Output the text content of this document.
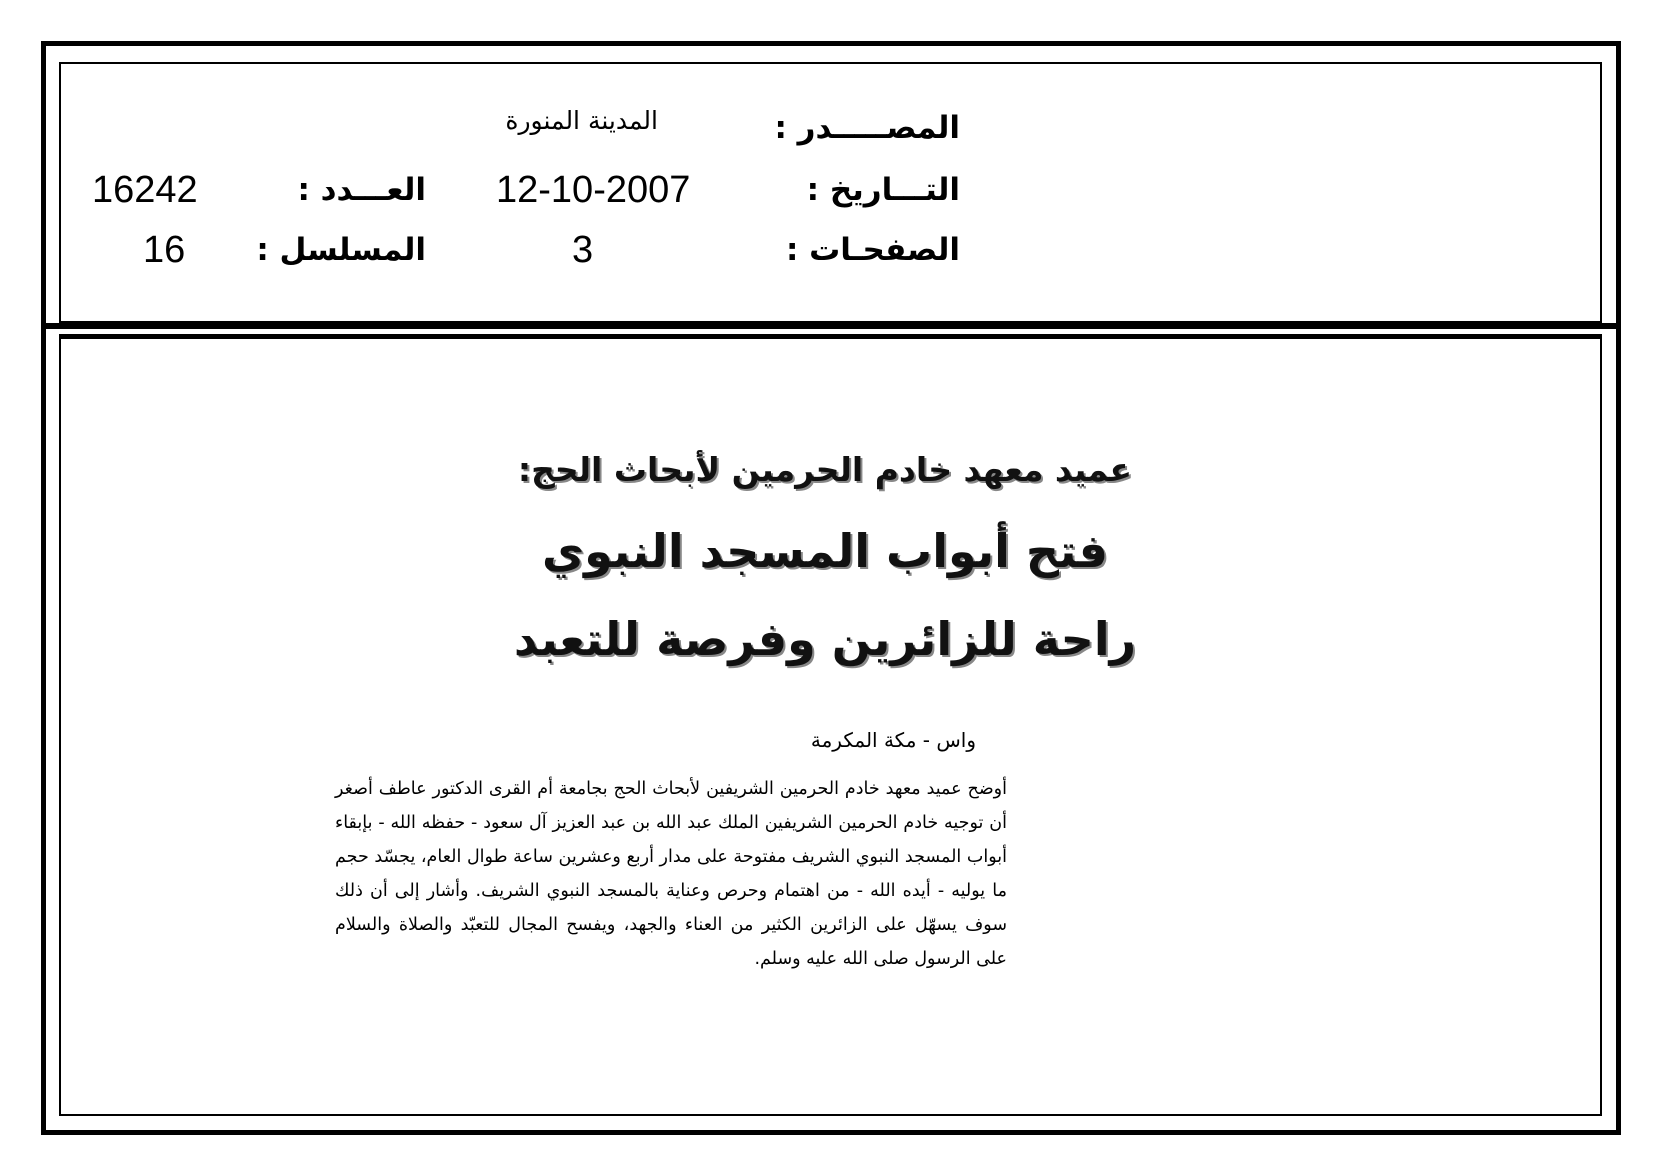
المصـــــدر :
المدينة المنورة
التـــاريخ :
12-10-2007
العـــدد :
16242
الصفحـات :
3
المسلسل :
16
عميد معهد خادم الحرمين لأبحاث الحج:
فتح أبواب المسجد النبوي
راحة للزائرين وفرصة للتعبد
واس - مكة المكرمة
أوضح عميد معهد خادم الحرمين الشريفين لأبحاث الحج بجامعة أم القرى الدكتور عاطف أصغر أن توجيه خادم الحرمين الشريفين الملك عبد الله بن عبد العزيز آل سعود - حفظه الله - بإبقاء أبواب المسجد النبوي الشريف مفتوحة على مدار أربع وعشرين ساعة طوال العام، يجسّد حجم ما يوليه - أيده الله - من اهتمام وحرص وعناية بالمسجد النبوي الشريف. وأشار إلى أن ذلك سوف يسهّل على الزائرين الكثير من العناء والجهد، ويفسح المجال للتعبّد والصلاة والسلام على الرسول صلى الله عليه وسلم.
